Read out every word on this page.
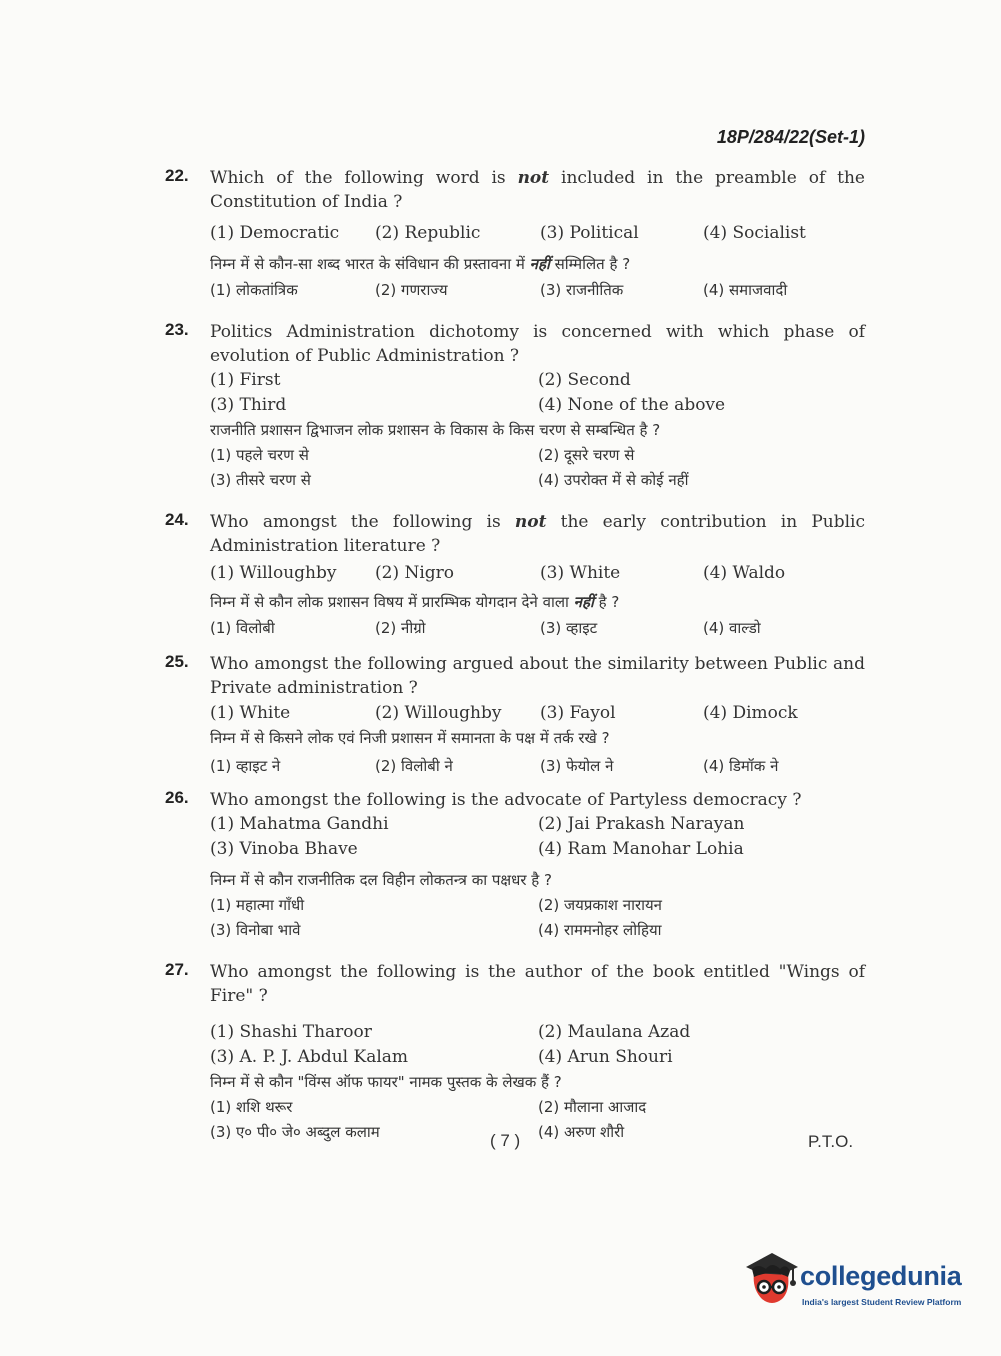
18P/284/22(Set-1)
22. Which of the following word is not included in the preamble of the Constitution of India ?
(1) Democratic	(2) Republic	(3) Political	(4) Socialist
निम्न में से कौन-सा शब्द भारत के संविधान की प्रस्तावना में नहीं सम्मिलित है ?
(1) लोकतांत्रिक	(2) गणराज्य	(3) राजनीतिक	(4) समाजवादी
23. Politics Administration dichotomy is concerned with which phase of evolution of Public Administration ?
(1) First	(2) Second
(3) Third	(4) None of the above
राजनीति प्रशासन द्विभाजन लोक प्रशासन के विकास के किस चरण से सम्बन्धित है ?
(1) पहले चरण से	(2) दूसरे चरण से
(3) तीसरे चरण से	(4) उपरोक्त में से कोई नहीं
24. Who amongst the following is not the early contribution in Public Administration literature ?
(1) Willoughby	(2) Nigro	(3) White	(4) Waldo
निम्न में से कौन लोक प्रशासन विषय में प्रारम्भिक योगदान देने वाला नहीं है ?
(1) विलोबी	(2) नीग्रो	(3) व्हाइट	(4) वाल्डो
25. Who amongst the following argued about the similarity between Public and Private administration ?
(1) White	(2) Willoughby	(3) Fayol	(4) Dimock
निम्न में से किसने लोक एवं निजी प्रशासन में समानता के पक्ष में तर्क रखे ?
(1) व्हाइट ने	(2) विलोबी ने	(3) फेयोल ने	(4) डिमॉक ने
26. Who amongst the following is the advocate of Partyless democracy ?
(1) Mahatma Gandhi	(2) Jai Prakash Narayan
(3) Vinoba Bhave	(4) Ram Manohar Lohia
निम्न में से कौन राजनीतिक दल विहीन लोकतन्त्र का पक्षधर है ?
(1) महात्मा गाँधी	(2) जयप्रकाश नारायन
(3) विनोबा भावे	(4) राममनोहर लोहिया
27. Who amongst the following is the author of the book entitled "Wings of Fire" ?
(1) Shashi Tharoor	(2) Maulana Azad
(3) A. P. J. Abdul Kalam	(4) Arun Shouri
निम्न में से कौन "विंग्स ऑफ फायर" नामक पुस्तक के लेखक हैं ?
(1) शशि थरूर	(2) मौलाना आजाद
(3) ए० पी० जे० अब्दुल कलाम	(4) अरुण शौरी
( 7 )	P.T.O.
collegedunia
India's largest Student Review Platform
